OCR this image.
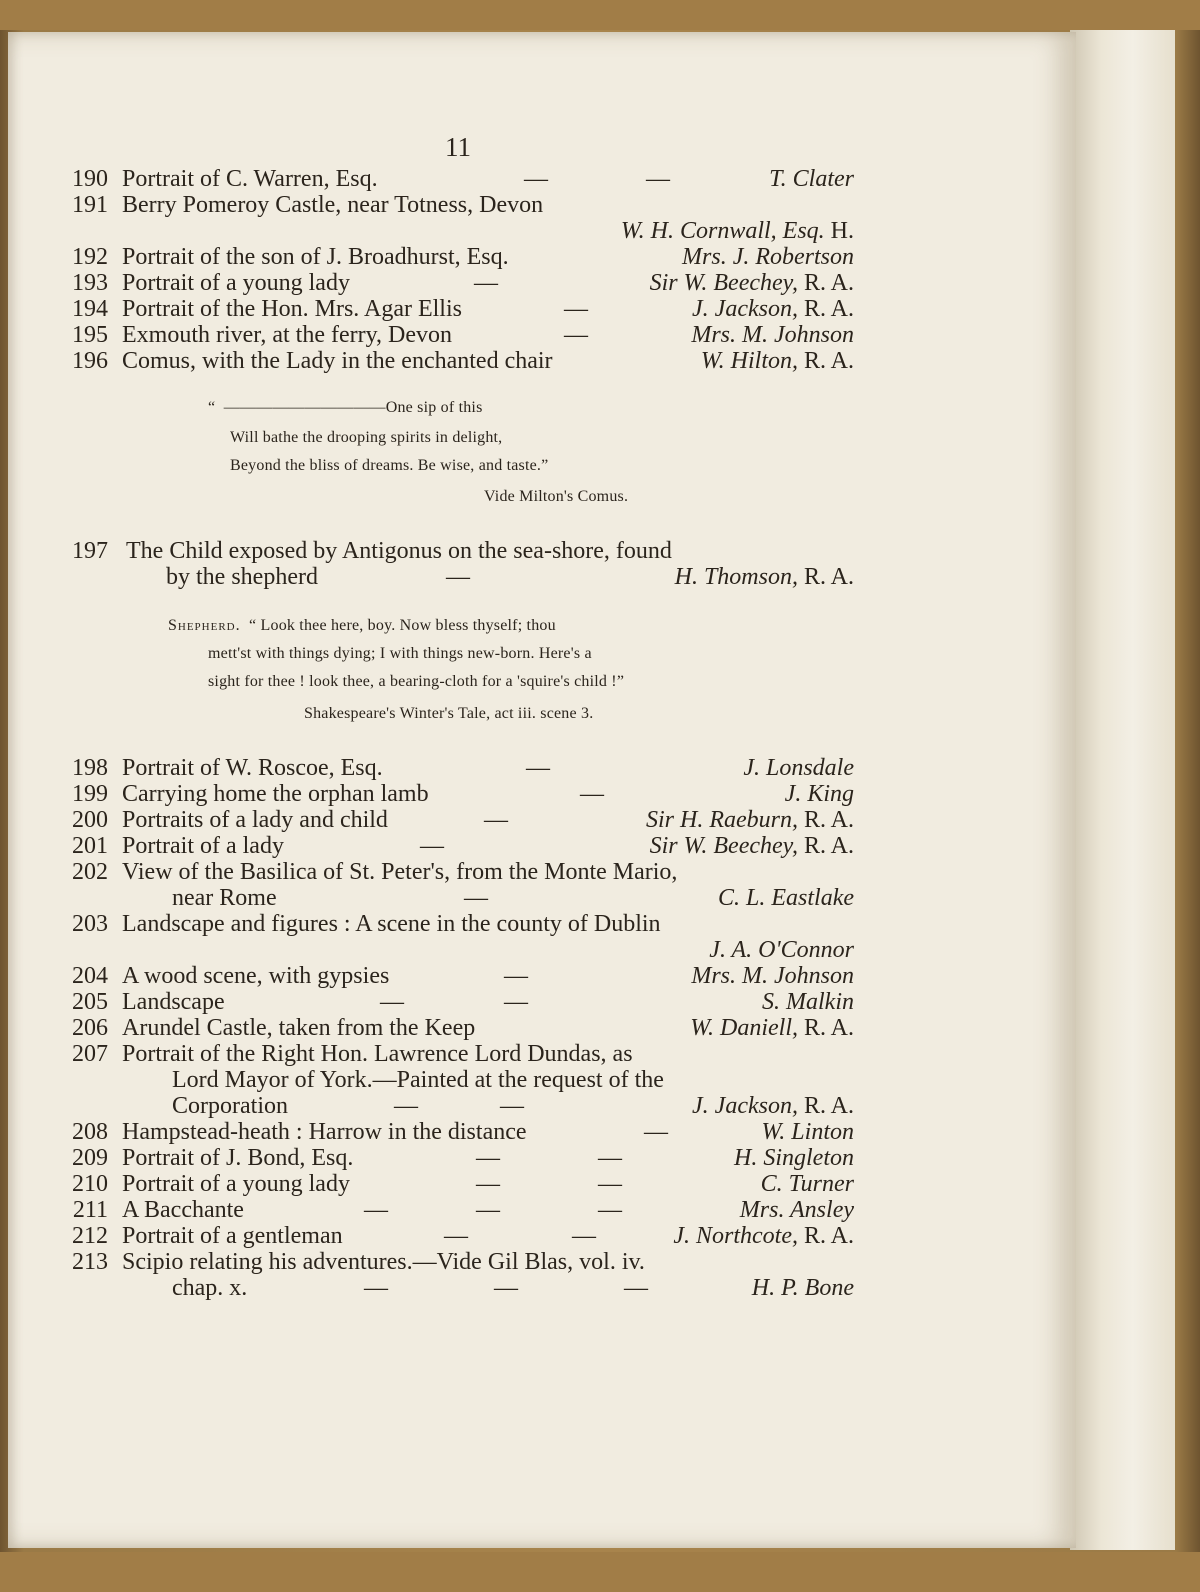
11
190 Portrait of C. Warren, Esq.	—	—	T. Clater
191 Berry Pomeroy Castle, near Totness, Devon
W. H. Cornwall, Esq. H.
192 Portrait of the son of J. Broadhurst, Esq.	Mrs. J. Robertson
193 Portrait of a young lady	—	Sir W. Beechey, R. A.
194 Portrait of the Hon. Mrs. Agar Ellis	—	J. Jackson, R. A.
195 Exmouth river, at the ferry, Devon	—	Mrs. M. Johnson
196 Comus, with the Lady in the enchanted chair	W. Hilton, R. A.
“ ——————————One sip of this
Will bathe the drooping spirits in delight,
Beyond the bliss of dreams. Be wise, and taste.”
Vide Milton's Comus.
197 The Child exposed by Antigonus on the sea-shore, found
by the shepherd	—	H. Thomson, R. A.
Shepherd. “ Look thee here, boy. Now bless thyself; thou
mett'st with things dying; I with things new-born. Here's a
sight for thee ! look thee, a bearing-cloth for a 'squire's child !”
Shakespeare's Winter's Tale, act iii. scene 3.
198 Portrait of W. Roscoe, Esq.	—	J. Lonsdale
199 Carrying home the orphan lamb	—	J. King
200 Portraits of a lady and child	—	Sir H. Raeburn, R. A.
201 Portrait of a lady	—	Sir W. Beechey, R. A.
202 View of the Basilica of St. Peter's, from the Monte Mario,
near Rome	—	C. L. Eastlake
203 Landscape and figures : A scene in the county of Dublin
J. A. O'Connor
204 A wood scene, with gypsies	—	Mrs. M. Johnson
205 Landscape	—	—	S. Malkin
206 Arundel Castle, taken from the Keep	W. Daniell, R. A.
207 Portrait of the Right Hon. Lawrence Lord Dundas, as
Lord Mayor of York.—Painted at the request of the
Corporation	—	—	J. Jackson, R. A.
208 Hampstead-heath : Harrow in the distance	—	W. Linton
209 Portrait of J. Bond, Esq.	—	—	H. Singleton
210 Portrait of a young lady	—	—	C. Turner
211 A Bacchante	—	—	—	Mrs. Ansley
212 Portrait of a gentleman	—	—	J. Northcote, R. A.
213 Scipio relating his adventures.—Vide Gil Blas, vol. iv.
chap. x.	—	—	—	H. P. Bone
